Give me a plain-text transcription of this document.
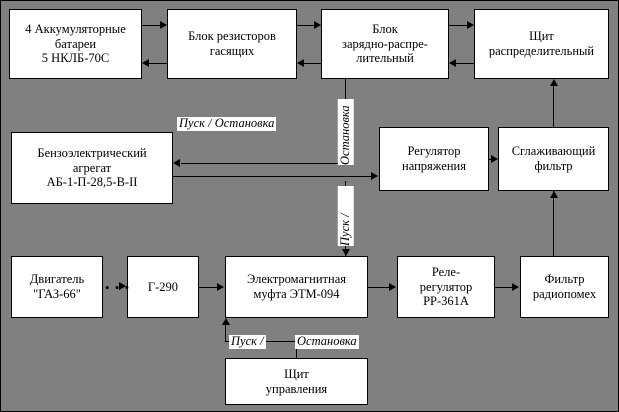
4 Аккумуляторные
батареи
5 НКЛБ-70С
Блок резисторов
гасящих
Блок
зарядно-распре-
лительный
Щит
распределительный
Бензоэлектрический
агрегат
АБ-1-П-28,5-В-II
Регулятор
напряжения
Сглаживающий
фильтр
Двигатель
"ГАЗ-66"
Г-290
Электромагнитная
муфта ЭТМ-094
Реле-
регулятор
РР-361А
Фильтр
радиопомех
Щит
управления
Пуск / Остановка	Остановка
Пуск /
• • •
Пуск /	Остановка
